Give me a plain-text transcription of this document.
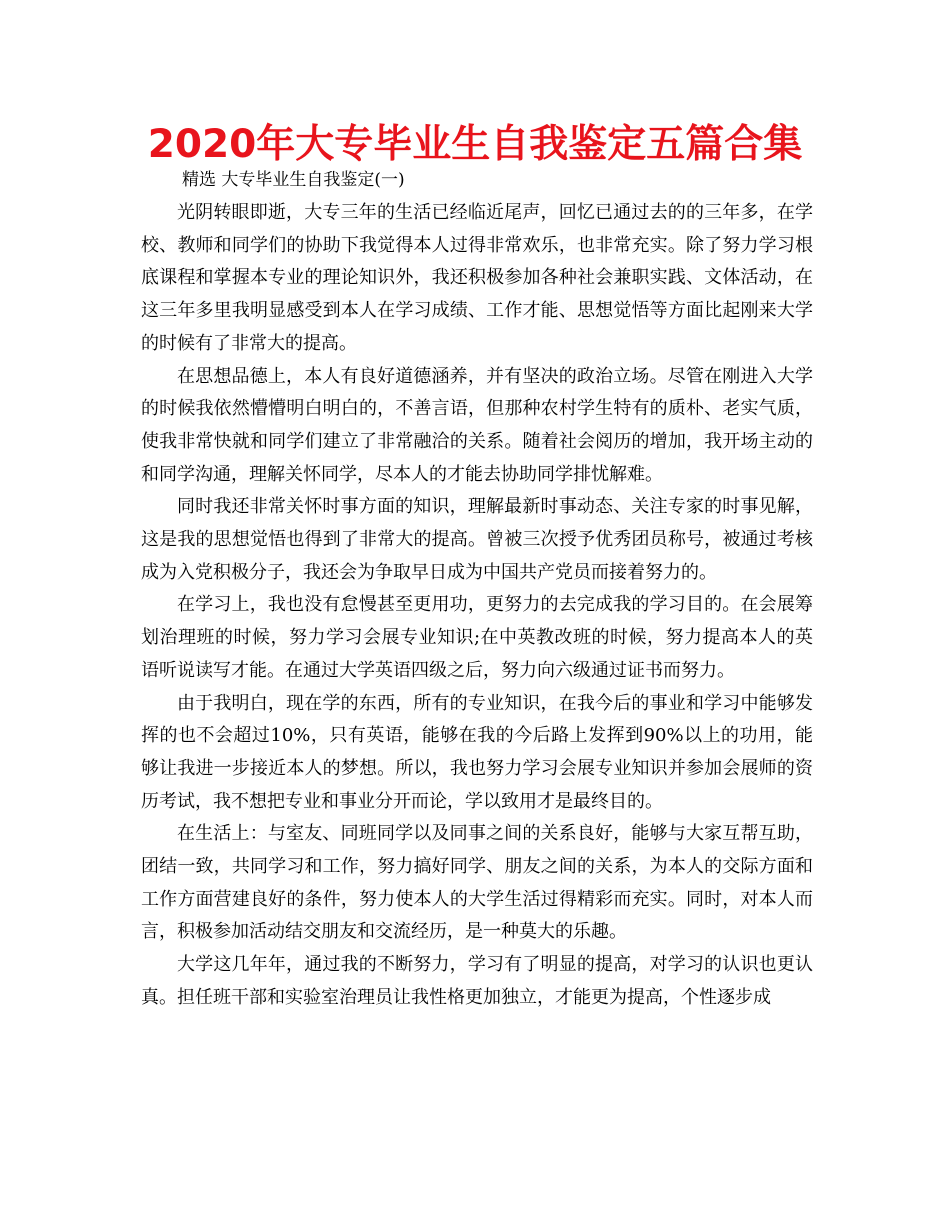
2020年大专毕业生自我鉴定五篇合集
精选 大专毕业生自我鉴定(一)

光阴转眼即逝，大专三年的生活已经临近尾声，回忆已通过去的的三年多，在学校、教师和同学们的协助下我觉得本人过得非常欢乐，也非常充实。除了努力学习根底课程和掌握本专业的理论知识外，我还积极参加各种社会兼职实践、文体活动，在这三年多里我明显感受到本人在学习成绩、工作才能、思想觉悟等方面比起刚来大学的时候有了非常大的提高。

在思想品德上，本人有良好道德涵养，并有坚决的政治立场。尽管在刚进入大学的时候我依然懵懵明白明白的，不善言语，但那种农村学生特有的质朴、老实气质，使我非常快就和同学们建立了非常融洽的关系。随着社会阅历的增加，我开场主动的和同学沟通，理解关怀同学，尽本人的才能去协助同学排忧解难。

同时我还非常关怀时事方面的知识，理解最新时事动态、关注专家的时事见解，这是我的思想觉悟也得到了非常大的提高。曾被三次授予优秀团员称号，被通过考核成为入党积极分子，我还会为争取早日成为中国共产党员而接着努力的。

在学习上，我也没有怠慢甚至更用功，更努力的去完成我的学习目的。在会展筹划治理班的时候，努力学习会展专业知识;在中英教改班的时候，努力提高本人的英语听说读写才能。在通过大学英语四级之后，努力向六级通过证书而努力。

由于我明白，现在学的东西，所有的专业知识，在我今后的事业和学习中能够发挥的也不会超过10%，只有英语，能够在我的今后路上发挥到90%以上的功用，能够让我进一步接近本人的梦想。所以，我也努力学习会展专业知识并参加会展师的资历考试，我不想把专业和事业分开而论，学以致用才是最终目的。

在生活上：与室友、同班同学以及同事之间的关系良好，能够与大家互帮互助，团结一致，共同学习和工作，努力搞好同学、朋友之间的关系，为本人的交际方面和工作方面营建良好的条件，努力使本人的大学生活过得精彩而充实。同时，对本人而言，积极参加活动结交朋友和交流经历，是一种莫大的乐趣。

大学这几年年，通过我的不断努力，学习有了明显的提高，对学习的认识也更认真。担任班干部和实验室治理员让我性格更加独立，才能更为提高，个性逐步成
